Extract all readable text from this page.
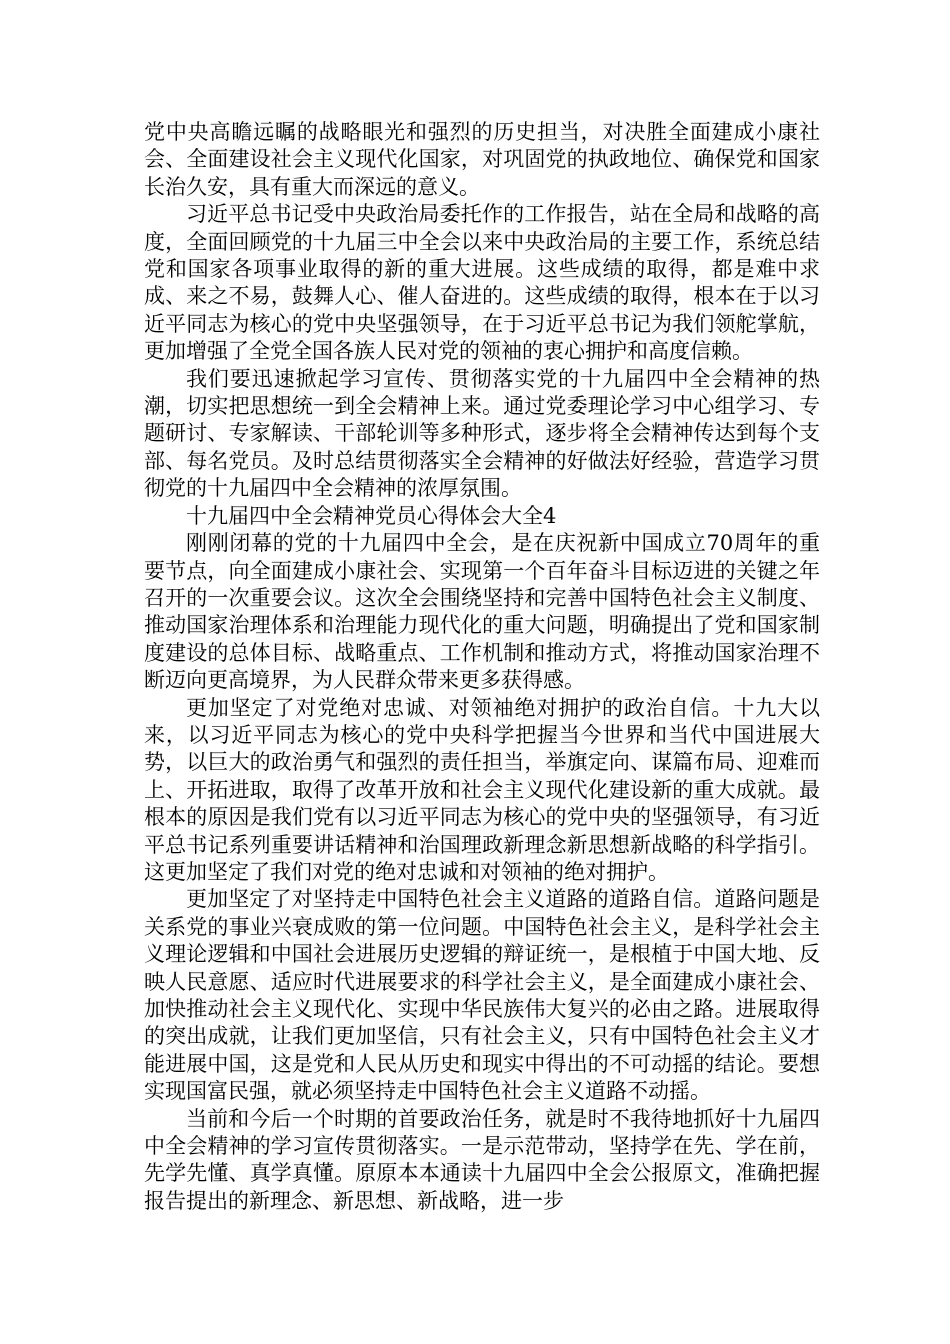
党中央高瞻远瞩的战略眼光和强烈的历史担当，对决胜全面建成小康社会、全面建设社会主义现代化国家，对巩固党的执政地位、确保党和国家长治久安，具有重大而深远的意义。

习近平总书记受中央政治局委托作的工作报告，站在全局和战略的高度，全面回顾党的十九届三中全会以来中央政治局的主要工作，系统总结党和国家各项事业取得的新的重大进展。这些成绩的取得，都是难中求成、来之不易，鼓舞人心、催人奋进的。这些成绩的取得，根本在于以习近平同志为核心的党中央坚强领导，在于习近平总书记为我们领舵掌航，更加增强了全党全国各族人民对党的领袖的衷心拥护和高度信赖。

我们要迅速掀起学习宣传、贯彻落实党的十九届四中全会精神的热潮，切实把思想统一到全会精神上来。通过党委理论学习中心组学习、专题研讨、专家解读、干部轮训等多种形式，逐步将全会精神传达到每个支部、每名党员。及时总结贯彻落实全会精神的好做法好经验，营造学习贯彻党的十九届四中全会精神的浓厚氛围。

十九届四中全会精神党员心得体会大全4

刚刚闭幕的党的十九届四中全会，是在庆祝新中国成立70周年的重要节点，向全面建成小康社会、实现第一个百年奋斗目标迈进的关键之年召开的一次重要会议。这次全会围绕坚持和完善中国特色社会主义制度、推动国家治理体系和治理能力现代化的重大问题，明确提出了党和国家制度建设的总体目标、战略重点、工作机制和推动方式，将推动国家治理不断迈向更高境界，为人民群众带来更多获得感。

更加坚定了对党绝对忠诚、对领袖绝对拥护的政治自信。十九大以来，以习近平同志为核心的党中央科学把握当今世界和当代中国进展大势，以巨大的政治勇气和强烈的责任担当，举旗定向、谋篇布局、迎难而上、开拓进取，取得了改革开放和社会主义现代化建设新的重大成就。最根本的原因是我们党有以习近平同志为核心的党中央的坚强领导，有习近平总书记系列重要讲话精神和治国理政新理念新思想新战略的科学指引。这更加坚定了我们对党的绝对忠诚和对领袖的绝对拥护。

更加坚定了对坚持走中国特色社会主义道路的道路自信。道路问题是关系党的事业兴衰成败的第一位问题。中国特色社会主义，是科学社会主义理论逻辑和中国社会进展历史逻辑的辩证统一，是根植于中国大地、反映人民意愿、适应时代进展要求的科学社会主义，是全面建成小康社会、加快推动社会主义现代化、实现中华民族伟大复兴的必由之路。进展取得的突出成就，让我们更加坚信，只有社会主义，只有中国特色社会主义才能进展中国，这是党和人民从历史和现实中得出的不可动摇的结论。要想实现国富民强，就必须坚持走中国特色社会主义道路不动摇。

当前和今后一个时期的首要政治任务，就是时不我待地抓好十九届四中全会精神的学习宣传贯彻落实。一是示范带动，坚持学在先、学在前，先学先懂、真学真懂。原原本本通读十九届四中全会公报原文，准确把握报告提出的新理念、新思想、新战略，进一步
